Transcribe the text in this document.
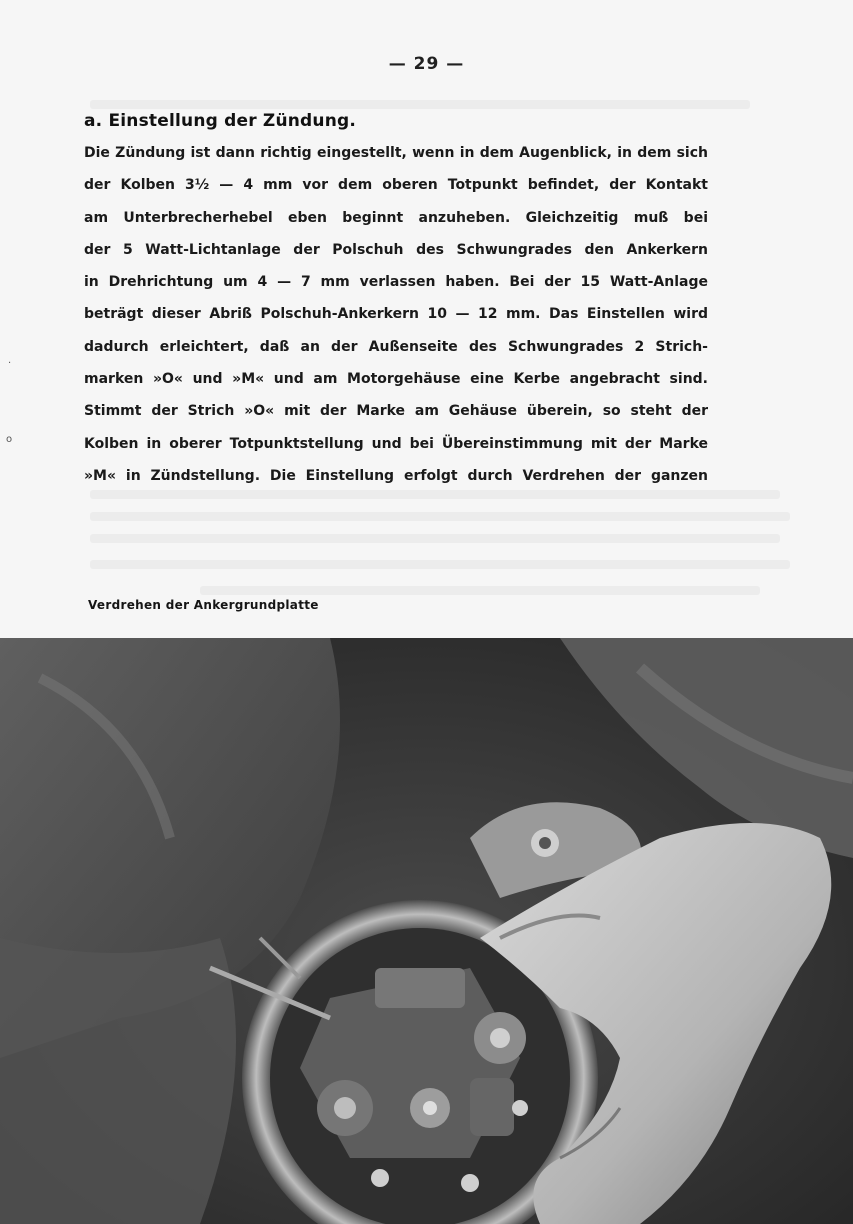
·
o
— 29 —
a. Einstellung der Zündung.
Die Zündung ist dann richtig eingestellt, wenn in dem Augenblick, in dem sich
der Kolben 3½ — 4 mm vor dem oberen Totpunkt befindet, der Kontakt
am Unterbrecherhebel eben beginnt anzuheben. Gleichzeitig muß bei
der 5 Watt-Lichtanlage der Polschuh des Schwungrades den Ankerkern
in Drehrichtung um 4 — 7 mm verlassen haben. Bei der 15 Watt-Anlage
beträgt dieser Abriß Polschuh-Ankerkern 10 — 12 mm. Das Einstellen wird
dadurch erleichtert, daß an der Außenseite des Schwungrades 2 Strich-
marken »O« und »M« und am Motorgehäuse eine Kerbe angebracht sind.
Stimmt der Strich »O« mit der Marke am Gehäuse überein, so steht der
Kolben in oberer Totpunktstellung und bei Übereinstimmung mit der Marke
»M« in Zündstellung. Die Einstellung erfolgt durch Verdrehen der ganzen
Verdrehen der Ankergrundplatte
